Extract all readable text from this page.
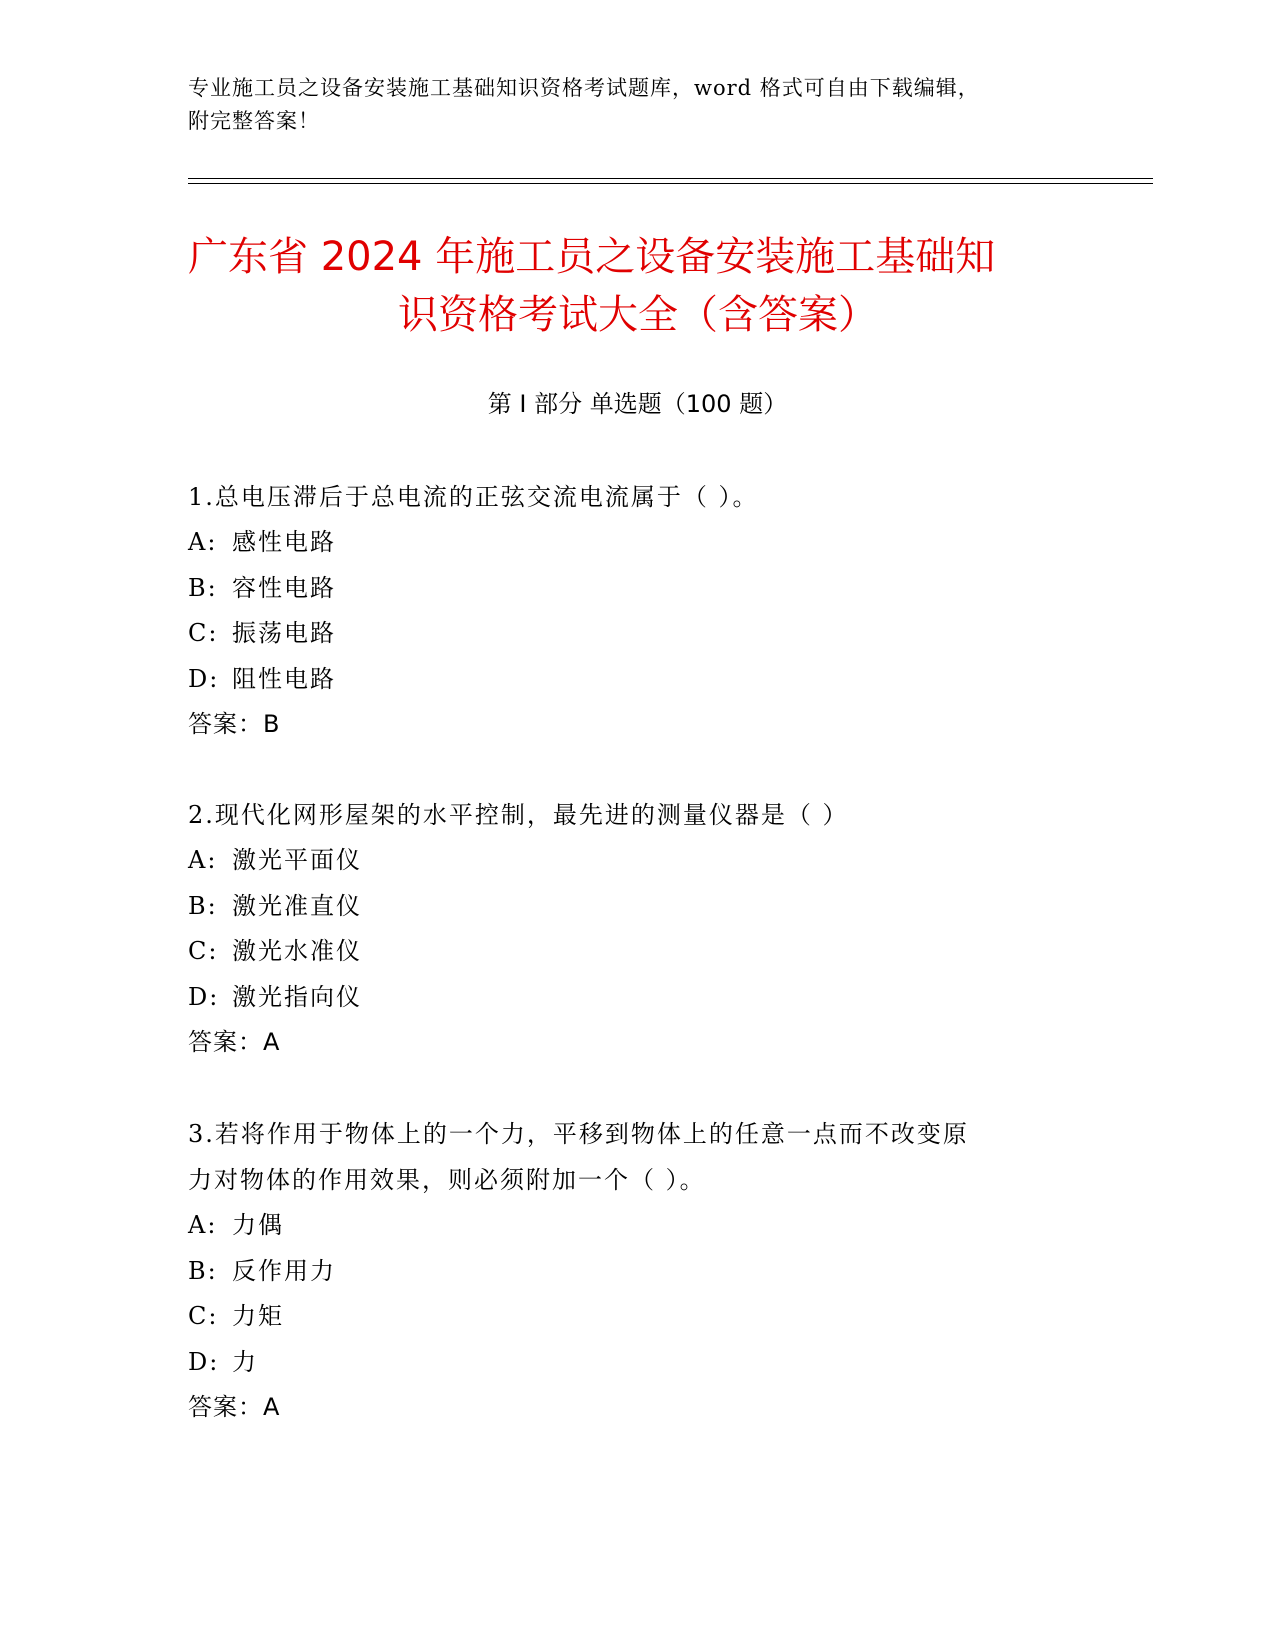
专业施工员之设备安装施工基础知识资格考试题库，word 格式可自由下载编辑，
附完整答案！
广东省 2024 年施工员之设备安装施工基础知
识资格考试大全（含答案）
第 I 部分 单选题（100 题）
1.总电压滞后于总电流的正弦交流电流属于（ ）。
A: 感性电路
B: 容性电路
C: 振荡电路
D: 阻性电路
答案：B
2.现代化网形屋架的水平控制，最先进的测量仪器是（ ）
A: 激光平面仪
B: 激光准直仪
C: 激光水准仪
D: 激光指向仪
答案：A
3.若将作用于物体上的一个力，平移到物体上的任意一点而不改变原
力对物体的作用效果，则必须附加一个（ ）。
A: 力偶
B: 反作用力
C: 力矩
D: 力
答案：A
